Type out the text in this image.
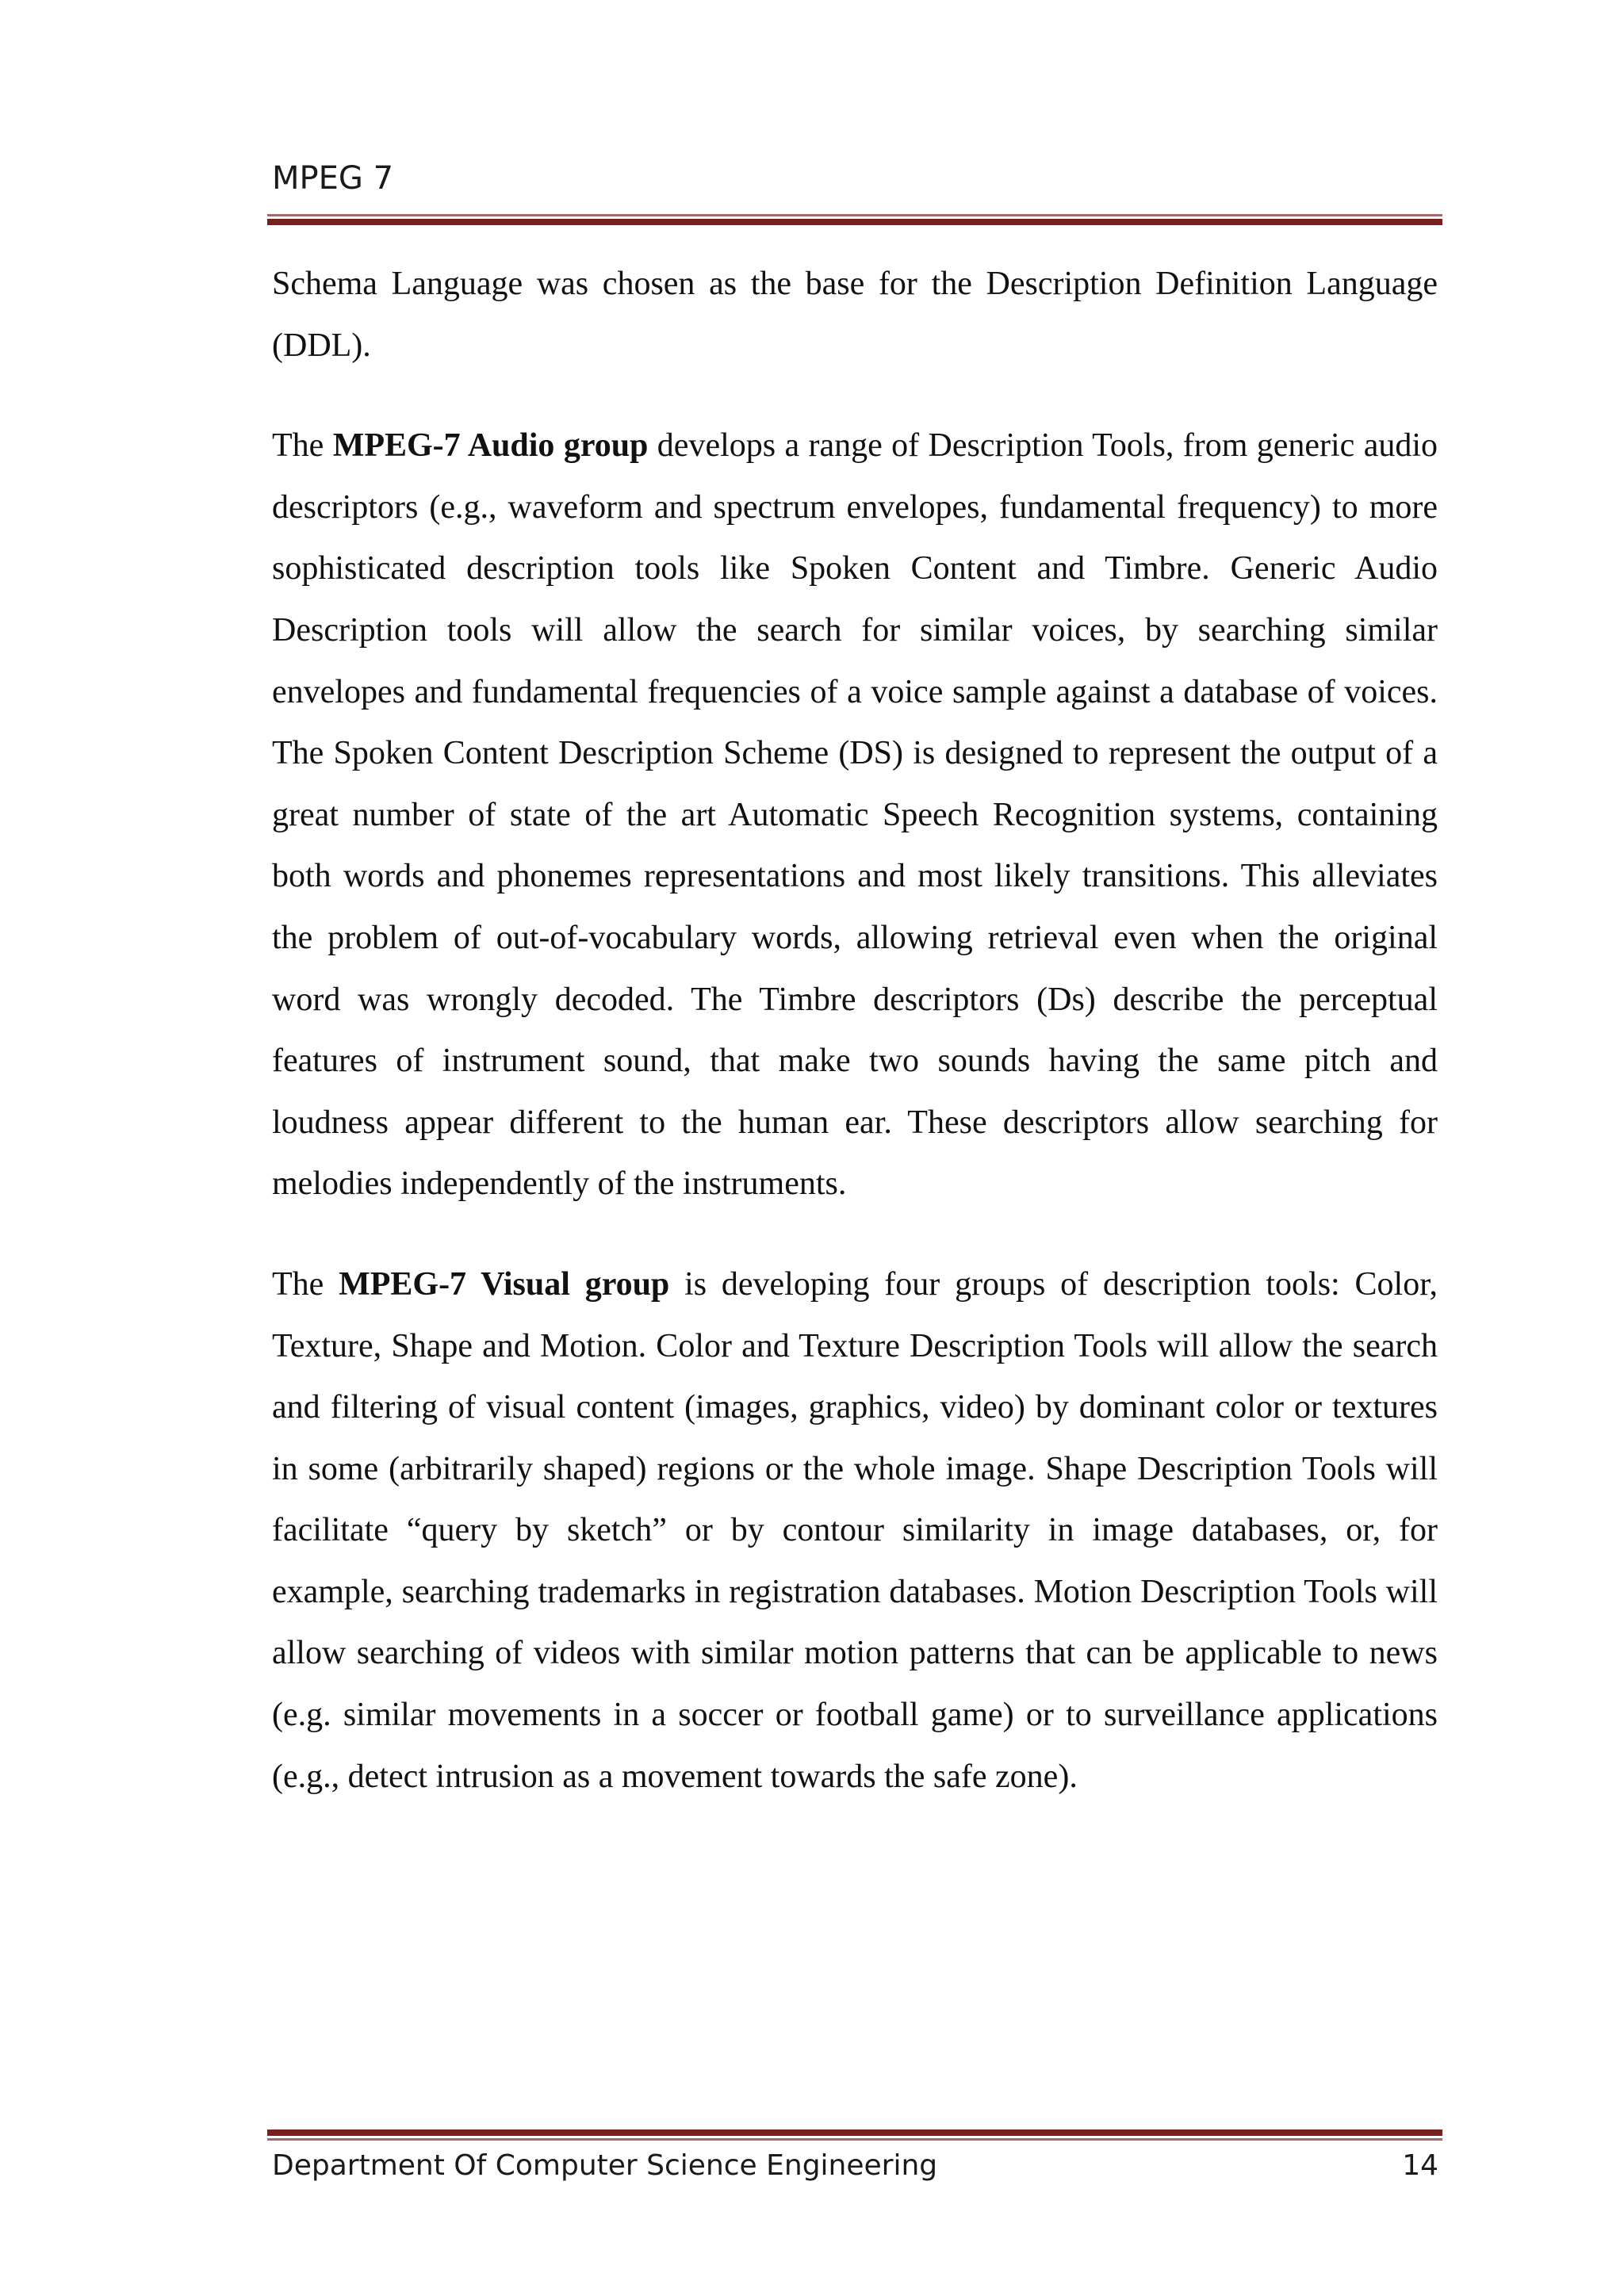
MPEG 7

Schema Language was chosen as the base for the Description Definition Language (DDL).

The MPEG-7 Audio group develops a range of Description Tools, from generic audio descriptors (e.g., waveform and spectrum envelopes, fundamental frequency) to more sophisticated description tools like Spoken Content and Timbre. Generic Audio Description tools will allow the search for similar voices, by searching similar envelopes and fundamental frequencies of a voice sample against a database of voices. The Spoken Content Description Scheme (DS) is designed to represent the output of a great number of state of the art Automatic Speech Recognition systems, containing both words and phonemes representations and most likely transitions. This alleviates the problem of out-of-vocabulary words, allowing retrieval even when the original word was wrongly decoded. The Timbre descriptors (Ds) describe the perceptual features of instrument sound, that make two sounds having the same pitch and loudness appear different to the human ear. These descriptors allow searching for melodies independently of the instruments.

The MPEG-7 Visual group is developing four groups of description tools: Color, Texture, Shape and Motion. Color and Texture Description Tools will allow the search and filtering of visual content (images, graphics, video) by dominant color or textures in some (arbitrarily shaped) regions or the whole image. Shape Description Tools will facilitate “query by sketch” or by contour similarity in image databases, or, for example, searching trademarks in registration databases. Motion Description Tools will allow searching of videos with similar motion patterns that can be applicable to news (e.g. similar movements in a soccer or football game) or to surveillance applications (e.g., detect intrusion as a movement towards the safe zone).

Department Of Computer Science Engineering	14
